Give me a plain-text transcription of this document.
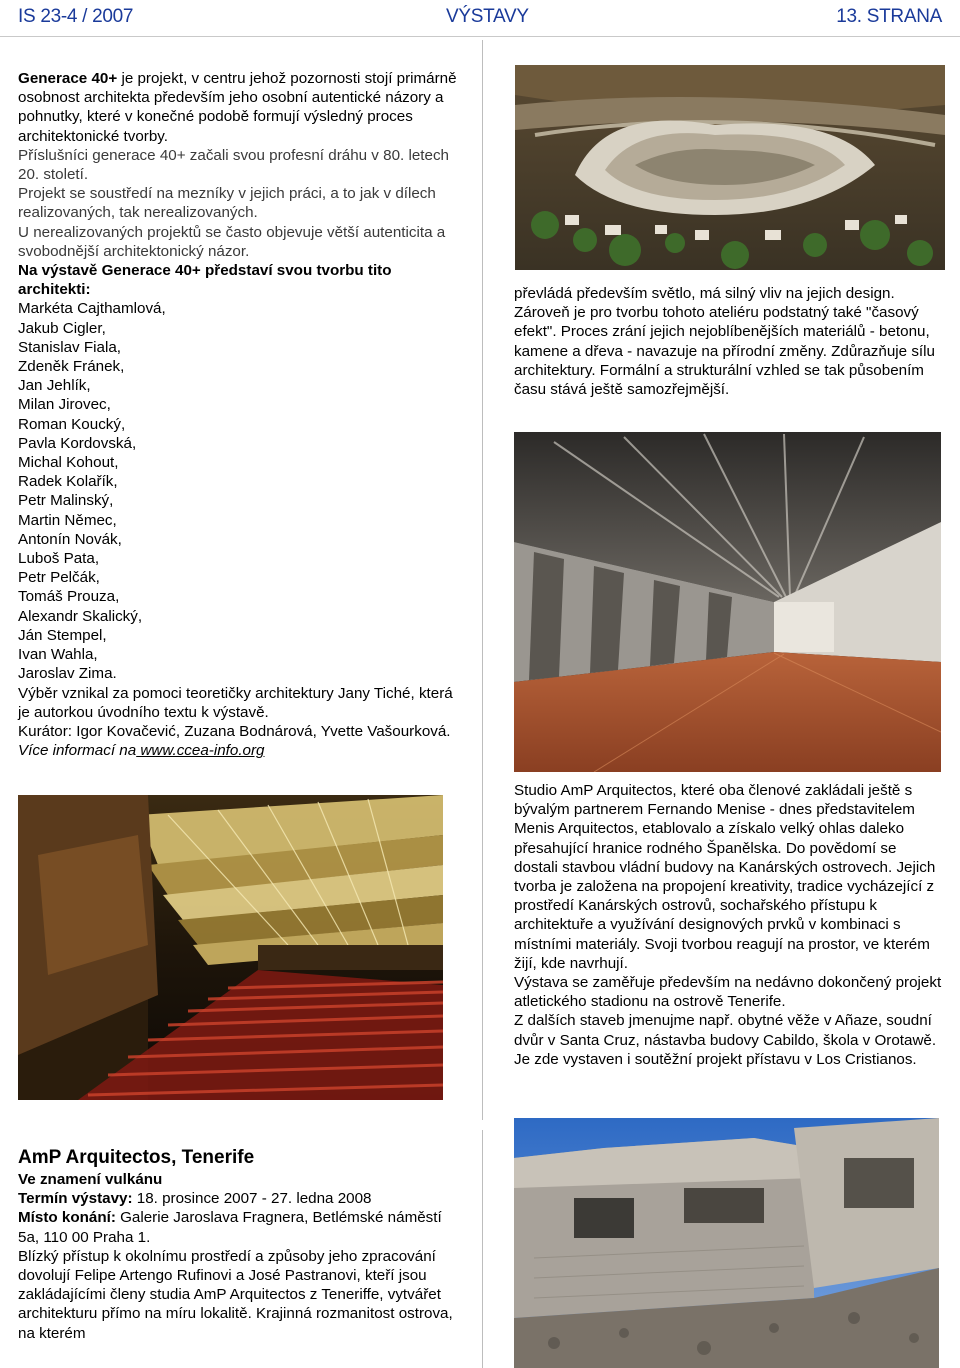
IS 23-4 / 2007	VÝSTAVY	13. STRANA

Generace 40+ je projekt, v centru jehož pozornosti stojí primárně osobnost architekta především jeho osobní autentické názory a pohnutky, které v konečné podobě formují výsledný proces architektonické tvorby.

Příslušníci generace 40+ začali svou profesní dráhu v 80. letech 20. století.

Projekt se soustředí na mezníky v jejich práci, a to jak v dílech realizovaných, tak nerealizovaných.

U nerealizovaných projektů se často objevuje větší autenticita a svobodnější architektonický názor.

Na výstavě Generace 40+ představí svou tvorbu tito architekti:

Markéta Cajthamlová,

Jakub Cigler,

Stanislav Fiala,

Zdeněk Fránek,

Jan Jehlík,

Milan Jirovec,

Roman Koucký,

Pavla Kordovská,

Michal Kohout,

Radek Kolařík,

Petr Malinský,

Martin Němec,

Antonín Novák,

Luboš Pata,

Petr Pelčák,

Tomáš Prouza,

Alexandr Skalický,

Ján Stempel,

Ivan Wahla,

Jaroslav Zima.

Výběr vznikal za pomoci teoretičky architektury Jany Tiché, která je autorkou úvodního textu k výstavě.

Kurátor: Igor Kovačević, Zuzana Bodnárová, Yvette Vašourková.

Více informací na www.ccea-info.org

AmP Arquitectos, Tenerife

Ve znamení vulkánu

Termín výstavy: 18. prosince 2007 - 27. ledna 2008

Místo konání: Galerie Jaroslava Fragnera, Betlémské náměstí 5a, 110 00 Praha 1.

Blízký přístup k okolnímu prostředí a způsoby jeho zpracování dovolují Felipe Artengo Rufinovi a José Pastranovi, kteří jsou zakládajícími členy studia AmP Arquitectos z Teneriffe, vytvářet architekturu přímo na míru lokalitě. Krajinná rozmanitost ostrova, na kterém

převládá především světlo, má silný vliv na jejich design. Zároveň je pro tvorbu tohoto ateliéru podstatný také "časový efekt". Proces zrání jejich nejoblíbenějších materiálů - betonu, kamene a dřeva - navazuje na přírodní změny. Zdůrazňuje sílu architektury. Formální a strukturální vzhled se tak působením času stává ještě samozřejmější.

Studio AmP Arquitectos, které oba členové zakládali ještě s bývalým partnerem Fernando Menise - dnes představitelem Menis Arquitectos, etablovalo a získalo velký ohlas daleko přesahující hranice rodného Španělska. Do povědomí se dostali stavbou vládní budovy na Kanárských ostrovech. Jejich tvorba je založena na propojení kreativity, tradice vycházející z prostředí Kanárských ostrovů, sochařského přístupu k architektuře a využívání designových prvků v kombinaci s místními materiály. Svoji tvorbou reagují na prostor, ve kterém žijí, kde navrhují.

Výstava se zaměřuje především na nedávno dokončený projekt atletického stadionu na ostrově Tenerife.

Z dalších staveb jmenujme např. obytné věže v Añaze, soudní dvůr v Santa Cruz, nástavba budovy Cabildo, škola v Orotawě. Je zde vystaven i soutěžní projekt přístavu v Los Cristianos.
